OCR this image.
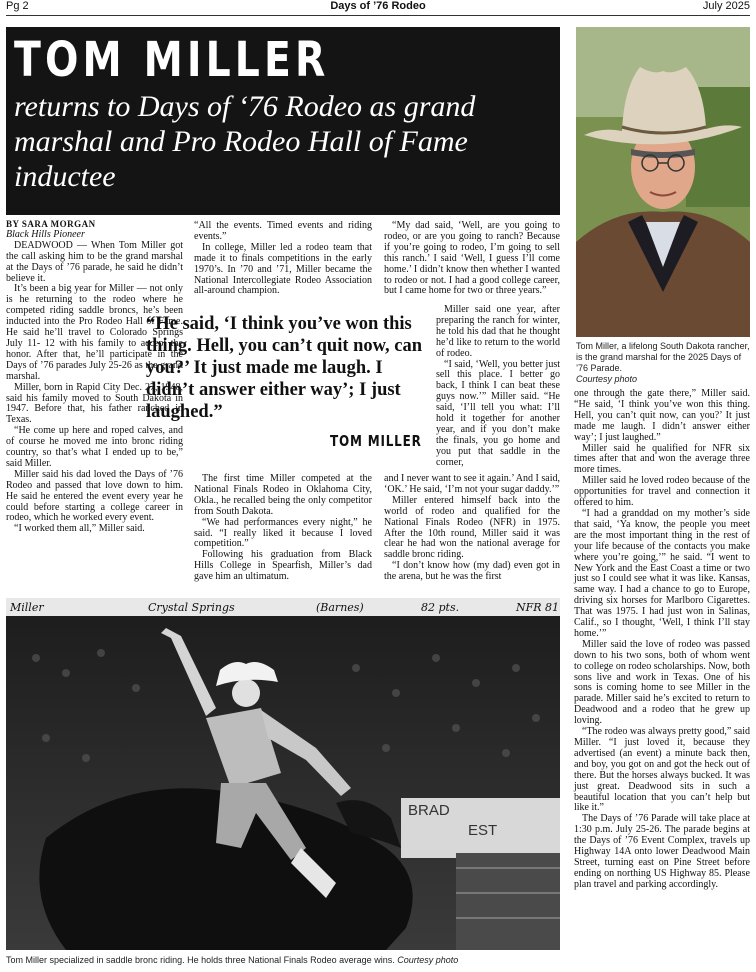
Pg 2	Days of ’76 Rodeo	July 2025
TOM MILLER
returns to Days of ‘76 Rodeo as grand marshal and Pro Rodeo Hall of Fame inductee
Tom Miller, a lifelong South Dakota rancher, is the grand marshal for the 2025 Days of ’76 Parade.
Courtesy photo

BY SARA MORGAN

Black Hills Pioneer

DEADWOOD — When Tom Miller got the call asking him to be the grand marshal at the Days of ’76 parade, he said he didn’t believe it.

It’s been a big year for Miller — not only is he returning to the rodeo where he competed riding saddle broncs, he’s been inducted into the Pro Rodeo Hall of Fame. He said he’ll travel to Colorado Springs July 11- 12 with his family to accept the honor. After that, he’ll participate in the Days of ’76 parades July 25-26 as the grand marshal.

Miller, born in Rapid City Dec. 27, 1948, said his family moved to South Dakota in 1947. Before that, his father ranched in Texas.

“He come up here and roped calves, and of course he moved me into bronc riding country, so that’s what I ended up to be,” said Miller.

Miller said his dad loved the Days of ’76 Rodeo and passed that love down to him. He said he entered the event every year he could before starting a college career in rodeo, which he worked every event.

“I worked them all,” Miller said.

“All the events. Timed events and riding events.”

In college, Miller led a rodeo team that made it to finals competitions in the early 1970’s. In ’70 and ’71, Miller became the National Intercollegiate Rodeo Association all-around champion.

“He said, ‘I think you’ve won this thing. Hell, you can’t quit now, can you?’ It just made me laugh. I didn’t answer either way’; I just laughed.”
TOM MILLER

The first time Miller competed at the National Finals Rodeo in Oklahoma City, Okla., he recalled being the only competitor from South Dakota.

“We had performances every night,” he said. “I really liked it because I loved competition.”

Following his graduation from Black Hills College in Spearfish, Miller’s dad gave him an ultimatum.

“My dad said, ‘Well, are you going to rodeo, or are you going to ranch? Because if you’re going to rodeo, I’m going to sell this ranch.’ I said ‘Well, I guess I’ll come home.’ I didn’t know then whether I wanted to rodeo or not. I had a good college career, but I came home for two or three years.”

Miller said one year, after preparing the ranch for winter, he told his dad that he thought he’d like to return to the world of rodeo.

“I said, ‘Well, you better just sell this place. I better go back, I think I can beat these guys now.’” Miller said. “He said, ‘I’ll tell you what: I’ll hold it together for another year, and if you don’t make the finals, you go home and you put that saddle in the corner,

and I never want to see it again.’ And I said, ‘OK.’ He said, ‘I’m not your sugar daddy.’”

Miller entered himself back into the world of rodeo and qualified for the National Finals Rodeo (NFR) in 1975. After the 10th round, Miller said it was clear he had won the national average for saddle bronc riding.

“I don’t know how (my dad) even got in the arena, but he was the first

one through the gate there,” Miller said. “He said, ‘I think you’ve won this thing. Hell, you can’t quit now, can you?’ It just made me laugh. I didn’t answer either way’; I just laughed.”

Miller said he qualified for NFR six times after that and won the average three more times.

Miller said he loved rodeo because of the opportunities for travel and connection it offered to him.

“I had a granddad on my mother’s side that said, ‘Ya know, the people you meet are the most important thing in the rest of your life because of the contacts you make where you’re going,’” he said. “I went to New York and the East Coast a time or two just so I could see what it was like. Kansas, same way. I had a chance to go to Europe, driving six horses for Marlboro Cigarettes. That was 1975. I had just won in Salinas, Calif., so I thought, ‘Well, I think I’ll stay home.’”

Miller said the love of rodeo was passed down to his two sons, both of whom went to college on rodeo scholarships. Now, both sons live and work in Texas. One of his sons is coming home to see Miller in the parade. Miller said he’s excited to return to Deadwood and a rodeo that he grew up loving.

“The rodeo was always pretty good,” said Miller. “I just loved it, because they advertised (an event) a minute back then, and boy, you got on and got the heck out of there. But the horses always bucked. It was just great. Deadwood sits in such a beautiful location that you can’t help but like it.”

The Days of ’76 Parade will take place at 1:30 p.m. July 25-26. The parade begins at the Days of ’76 Event Complex, travels up Highway 14A onto lower Deadwood Main Street, turning east on Pine Street before ending on northing US Highway 85. Please plan travel and parking accordingly.

Miller	Crystal Springs	(Barnes)	82 pts.	NFR 81
BRAD
EST
Tom Miller specialized in saddle bronc riding. He holds three National Finals Rodeo average wins. Courtesy photo
